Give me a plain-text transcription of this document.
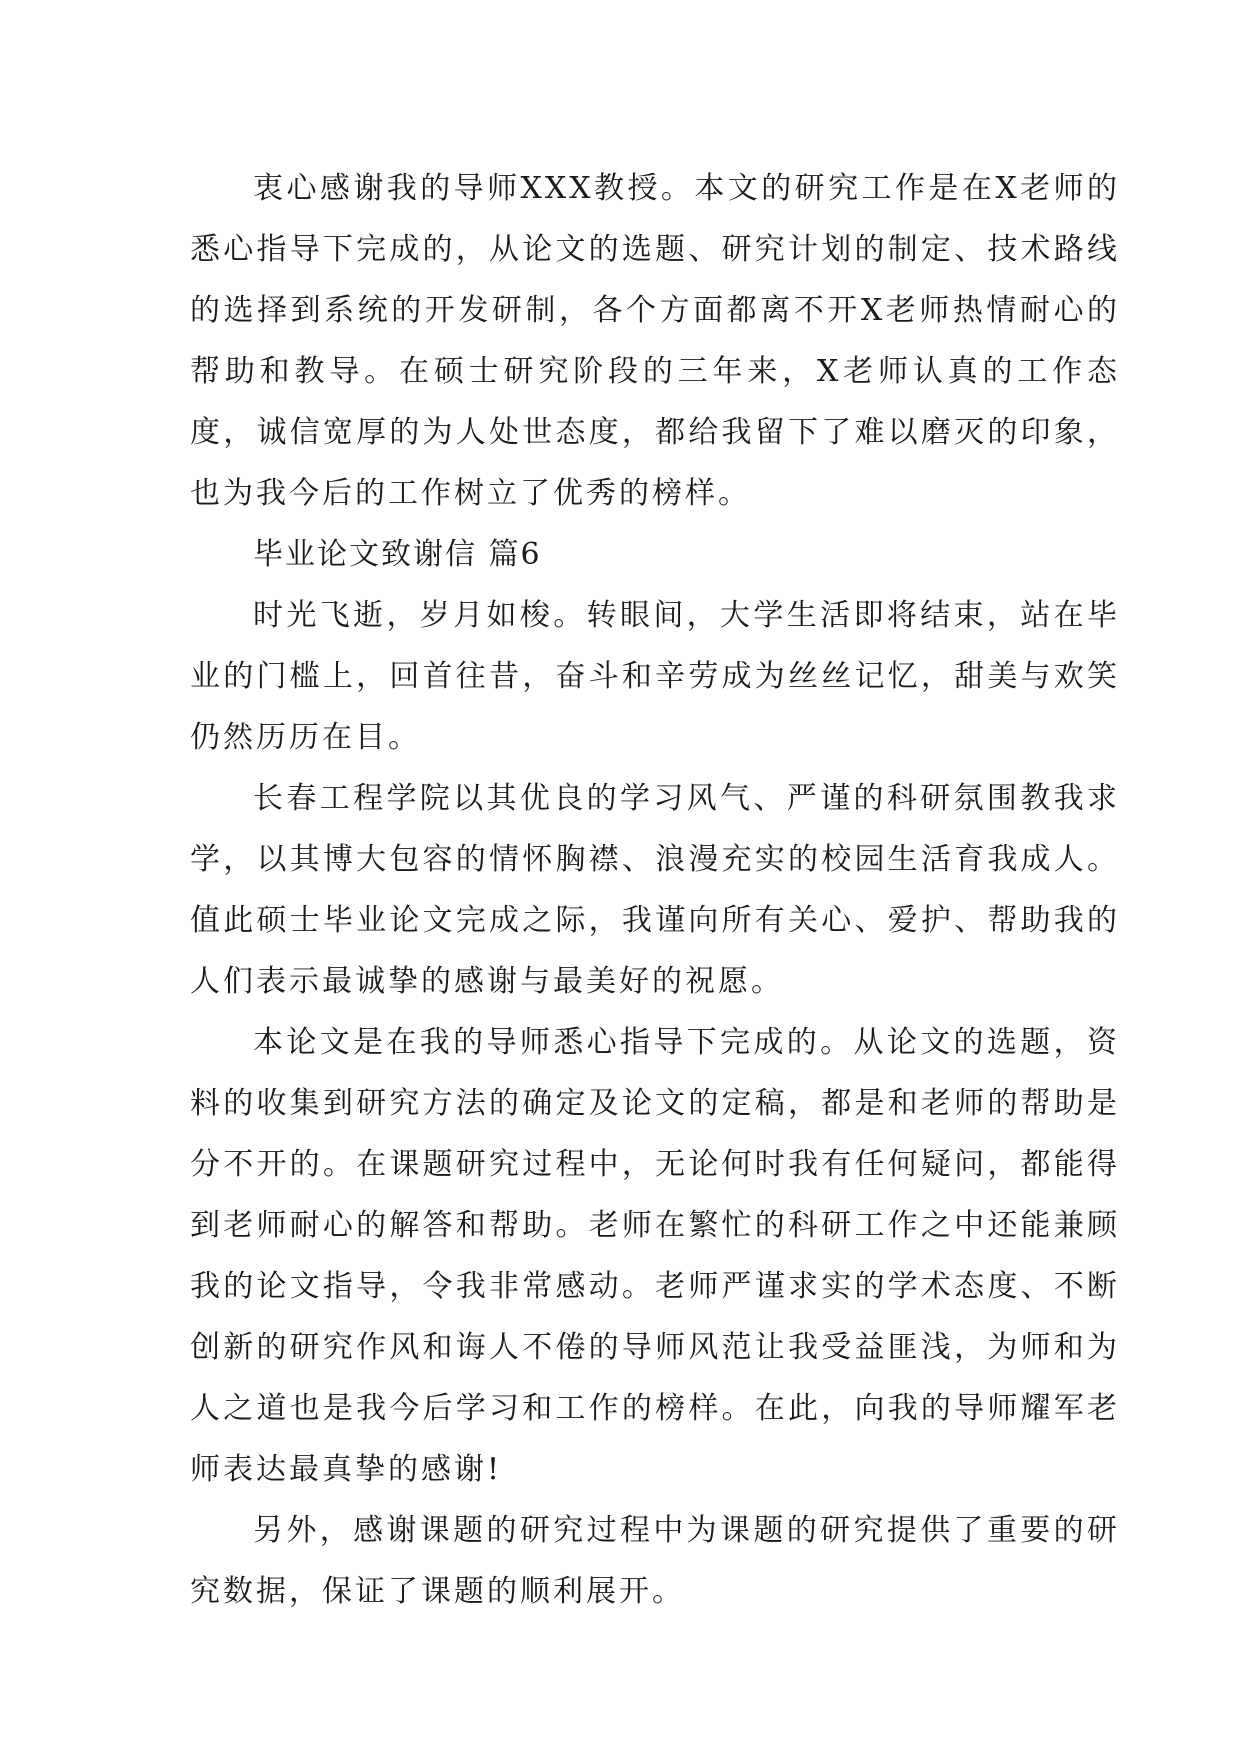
衷心感谢我的导师XXX教授。本文的研究工作是在X老师的悉心指导下完成的，从论文的选题、研究计划的制定、技术路线的选择到系统的开发研制，各个方面都离不开X老师热情耐心的帮助和教导。在硕士研究阶段的三年来，X老师认真的工作态度，诚信宽厚的为人处世态度，都给我留下了难以磨灭的印象，也为我今后的工作树立了优秀的榜样。

毕业论文致谢信 篇6

时光飞逝，岁月如梭。转眼间，大学生活即将结束，站在毕业的门槛上，回首往昔，奋斗和辛劳成为丝丝记忆，甜美与欢笑仍然历历在目。

长春工程学院以其优良的学习风气、严谨的科研氛围教我求学，以其博大包容的情怀胸襟、浪漫充实的校园生活育我成人。值此硕士毕业论文完成之际，我谨向所有关心、爱护、帮助我的人们表示最诚挚的感谢与最美好的祝愿。

本论文是在我的导师悉心指导下完成的。从论文的选题，资料的收集到研究方法的确定及论文的定稿，都是和老师的帮助是分不开的。在课题研究过程中，无论何时我有任何疑问，都能得到老师耐心的解答和帮助。老师在繁忙的科研工作之中还能兼顾我的论文指导，令我非常感动。老师严谨求实的学术态度、不断创新的研究作风和诲人不倦的导师风范让我受益匪浅，为师和为人之道也是我今后学习和工作的榜样。在此，向我的导师耀军老师表达最真挚的感谢!

另外，感谢课题的研究过程中为课题的研究提供了重要的研究数据，保证了课题的顺利展开。
